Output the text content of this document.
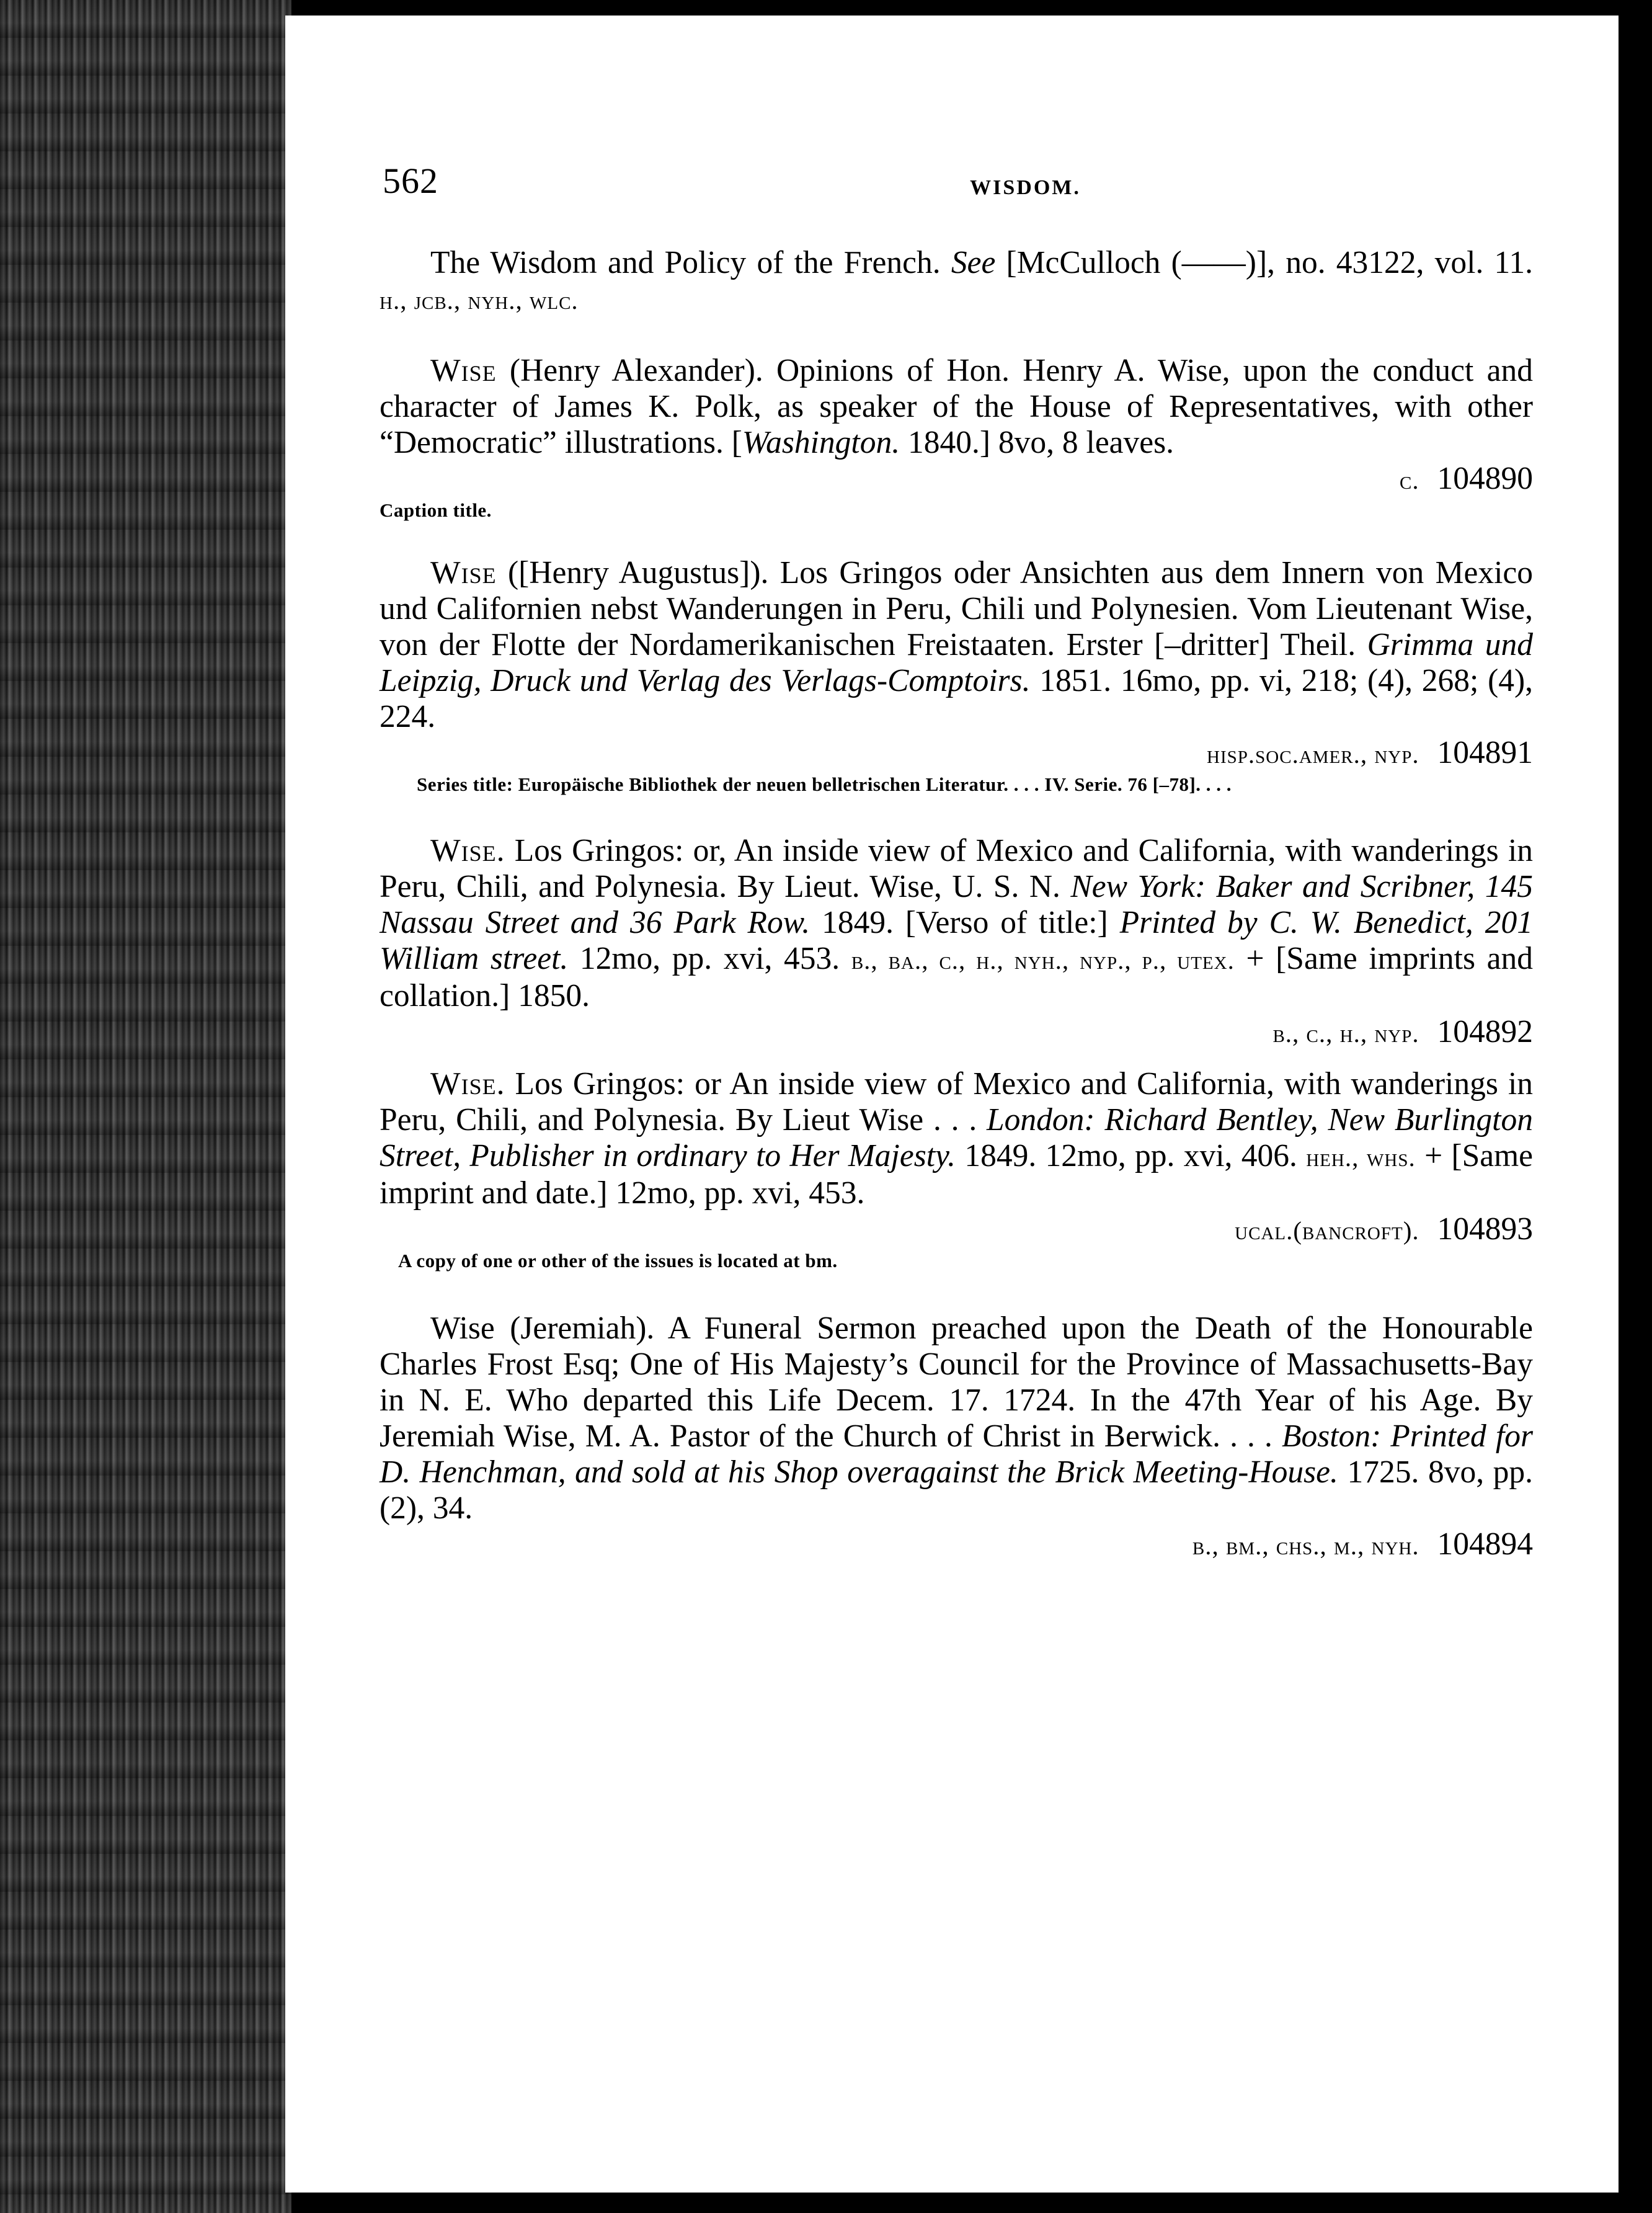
562	WISDOM.

The Wisdom and Policy of the French. See [McCulloch (——)], no. 43122, vol. 11. h., jcb., nyh., wlc.

Wise (Henry Alexander). Opinions of Hon. Henry A. Wise, upon the conduct and character of James K. Polk, as speaker of the House of Representatives, with other “Democratic” illustrations. [Washington. 1840.] 8vo, 8 leaves.

c. 104890

Caption title.

Wise ([Henry Augustus]). Los Gringos oder Ansichten aus dem Innern von Mexico und Californien nebst Wanderungen in Peru, Chili und Polynesien. Vom Lieutenant Wise, von der Flotte der Nordamerikanischen Freistaaten. Erster [–dritter] Theil. Grimma und Leipzig, Druck und Verlag des Verlags-Comptoirs. 1851. 16mo, pp. vi, 218; (4), 268; (4), 224.

hisp.soc.amer., nyp. 104891

Series title: Europäische Bibliothek der neuen belletrischen Literatur. . . . IV. Serie. 76 [–78]. . . .

Wise. Los Gringos: or, An inside view of Mexico and California, with wanderings in Peru, Chili, and Polynesia. By Lieut. Wise, U. S. N. New York: Baker and Scribner, 145 Nassau Street and 36 Park Row. 1849. [Verso of title:] Printed by C. W. Benedict, 201 William street. 12mo, pp. xvi, 453. b., ba., c., h., nyh., nyp., p., utex. + [Same imprints and collation.] 1850.

b., c., h., nyp. 104892

Wise. Los Gringos: or An inside view of Mexico and California, with wanderings in Peru, Chili, and Polynesia. By Lieut Wise . . . London: Richard Bentley, New Burlington Street, Publisher in ordinary to Her Majesty. 1849. 12mo, pp. xvi, 406. heh., whs. + [Same imprint and date.] 12mo, pp. xvi, 453.

ucal.(bancroft). 104893

A copy of one or other of the issues is located at bm.

Wise (Jeremiah). A Funeral Sermon preached upon the Death of the Honourable Charles Frost Esq; One of His Majesty’s Council for the Province of Massachusetts-Bay in N. E. Who departed this Life Decem. 17. 1724. In the 47th Year of his Age. By Jeremiah Wise, M. A. Pastor of the Church of Christ in Berwick. . . . Boston: Printed for D. Henchman, and sold at his Shop overagainst the Brick Meeting-House. 1725. 8vo, pp. (2), 34.

b., bm., chs., m., nyh. 104894
